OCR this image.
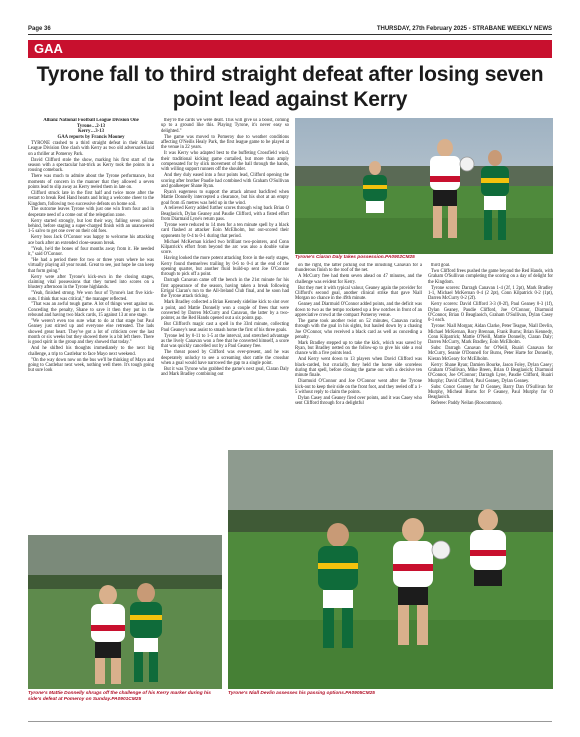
Page 36	THURSDAY, 27th February 2025 - STRABANE WEEKLY NEWS
GAA
Tyrone fall to third straight defeat after losing seven point lead against Kerry

Allianz National Football League Division One
Tyrone…2-13
Kerry…3-13
GAA reports by Francis Mooney

TYRONE crashed to a third straight defeat in their Allianz League Division One clash with Kerry as two old adversaries laid on a thriller at Pomeroy Park.

David Clifford stole the show, marking his first start of the season with a spectacular hat-trick as Kerry took the points in a rousing comeback.

There was much to admire about the Tyrone performance, but moments of concern in the manner that they allowed a seven points lead to slip away as Kerry reeled them in late on.

Clifford struck late in the first half and twice more after the restart to break Red Hand hearts and bring a welcome cheer to the Kingdom, following two successive defeats on home soil.

The outcome leaves Tyrone with just one win from four and in desperate need of a come out of the relegation zone.

Kerry started strongly, but lost their way, falling seven points behind, before staging a super-charged finish with an unanswered 1-5 salvo to get one over on their old foes.

Kerry boss Jack O'Connor was happy to welcome his attacking ace back after an extended close-season break.

"Yeah, he'd the bones of four months away from it. He needed it," said O'Connor.

"He had a period there for two or three years where he was virtually playing all year round. Great to see, just hope he can keep that form going."

Kerry were after Tyrone's kick-own in the closing stages, claiming vital possessions that they turned into scores on a blustery afternoon in the Tyrone highlands.

"Yeah, finished strong. We won four of Tyrone's last five kick-outs. I think that was critical," the manager reflected.

"That was an awful tough game. A lot of things went against us. Conceding the penalty, Shane to save it then they put in the rebound and having two black cards, 15 against 13 at one stage.

"We weren't even too sure what to do at that stage but Paul Geaney just stirred up and everyone else retreated. The lads showed great heart. They've got a lot of criticism over the last month or six weeks but they showed there is a bit left there. There is good spirit in the group and they showed that today."

And he shifted his thoughts immediately to the next big challenge, a trip to Castlebar to face Mayo next weekend.

"On the way down now on the bus we'll be thinking of Mayo and going to Castlebar next week, nothing well there. It's tough going but sure look

they're the cards we were dealt. This will give us a boost, coming up to a ground like this. Playing Tyrone, it's never easy so delighted."

The game was moved to Pomeroy due to weather conditions affecting O'Neills Healy Park, the first league game to be played at the venue in 22 years.

It was Kerry who adapted best to the buffeting Crossfield wind, their traditional kicking game curtailed, but more than amply compensated for by slick movement of the ball through the hands, with willing support runners off the shoulder.

And they duly eased into a four points lead, Clifford opening the scoring after brother Paudie had combined with Graham O'Sullivan and goalkeeper Shane Ryan.

Ryan's eagerness to support the attack almost backfired when Mattie Donnelly intercepted a clearance, but his shot at an empty goal from 45 metres was held up in the wind.

A relieved Kerry added further scores through wing back Brian O Beaglaoich, Dylan Geaney and Paudie Clifford, with a fisted effort from Diarmaid Lyne's return pass.

Tyrone were reduced to 14 men for a ten minute spell by a black card flashed at attacker Eoin McElholm, but out-scored their opponents by 0-4 to 0-1 during that period.

Michael McKernan kicked two brilliant two-pointers, and Conn Kilpatrick's effort from beyond the arc was also a double value score.

Having looked the more potent attacking force in the early stages, Kerry found themselves trailing by 0-6 to 0-4 at the end of the opening quarter, but another fluid build-up sent Joe O'Connor through to pick off a point.

Darragh Canavan came off the bench in the 21st minute for his first appearance of the season, having taken a break following Errigal Ciaran's run to the All-Ireland Club final, and he soon had the Tyrone attack ticking.

Mark Bradley collected a Brian Kennedy sideline kick to slot over a point, and Mattie Donnelly won a couple of frees that were converted by Darren McCurry and Canavan, the latter by a two-pointer, as the Red Hands opened out a six points gap.

But Clifford's magic cast a spell in the 33rd minute, collecting Paul Geaney's neat assist to smash home the first of his three goals.

Tyrone led by 0-11 to 1-5 at the interval, and stretched advantage as the lively Canavan won a free that he converted himself, a score that was quickly cancelled out by a Paul Geaney free.

The threat posed by Clifford was ever-present, and he was desperately unlucky to see a screaming shot rattle the crossbar when a goal would have narrowed the gap to a single point.

But it was Tyrone who grabbed the game's next goal, Ciaran Daly and Mark Bradley combining out

Tyrone's Ciaran Daly takes possession.PA0902CM25

on the right, the latter picking out the inrushing Canavan for a thunderous finish to the roof of the net.

A McCurry free had them seven ahead on 47 minutes, and the challenge was evident for Kerry.

But they met it with typical valour, Geaney again the provider for Clifford's second goal, another clinical strike that gave Niall Morgan no chance in the 49th minute.

Geaney and Diarmuid O'Connor added points, and the deficit was down to two as the tempo rocketed up a few notches in front of an appreciative crowd at the compact Pomeroy venue.

The game took another twist on 52 minutes, Canavan racing through with the goal in his sights, but hauled down by a chasing Joe O'Connor, who received a black card as well as conceding a penalty.

Mark Bradley stepped up to take the kick, which was saved by Ryan, but Bradley netted on the follow-up to give his side a real chance with a five points lead.

And Kerry went down to 13 players when David Clifford was black-carded, but crucially, they held the home side scoreless during that spell, before closing the game out with a decisive ten minute finale.

Diarmuid O'Connor and Joe O'Connor went after the Tyrone kick-out to keep their side on the front foot, and they reeled off a 1-5 without reply to claim the points.

Dylan Casey and Geaney fired over points, and it was Casey who sent Clifford through for a delightful

third goal.

Two Clifford frees pushed the game beyond the Red Hands, with Graham O'Sullivan completing the scoring on a day of delight for the Kingdom.

Tyrone scorers: Darragh Canavan 1-4 (2f, 1 2pt), Mark Bradley 1-1, Michael McKernan 0-4 (2 2pt), Conn Kilpatrick 0-2 (1pt), Darren McCurry 0-2 (2f).

Kerry scorers: David Clifford 3-3 (0-2f), Paul Geaney 0-3 (1f), Dylan Geaney, Paudie Clifford, Joe O'Connor, Diarmuid O'Connor, Brian O Beaglaoich, Graham O'Sullivan, Dylan Casey 0-1 each.

Tyrone: Niall Morgan; Aidan Clarke, Peter Teague, Niall Devlin, Michael McKernan, Rory Brennan, Frank Burns; Brian Kennedy, Conn Kilpatrick; Mattie O'Neill, Mattie Donnelly, Ciaran Daly; Darren McCurry, Mark Bradley, Eoin McElholm.

Subs: Darragh Canavan for O'Neill, Ruairi Canavan for McCurry, Seanie O'Donnell for Burns, Peter Harte for Donnelly, Kieran McGeary for McElholm.

Kerry: Shane Ryan; Damien Bourke, Jason Foley, Dylan Casey; Graham O'Sullivan, Mike Breen, Brian O Beaglaoich; Diarmuid O'Connor, Joe O'Connor; Darragh Lyne, Paudie Clifford, Ruairi Murphy; David Clifford, Paul Geaney, Dylan Geaney.

Subs: Conor Geaney for D Geaney, Barry Dan O'Sullivan for Murphy, Micheal Burns for P Geaney, Paul Murphy for O Beaglaoich.

Referee: Paddy Neilan (Roscommon).

Tyrone's Mattie Donnelly shrugs off the challenge of his Kerry marker during his side's defeat at Pomeroy on Sunday.PA0901CM25
Tyrone's Niall Devlin assesses his passing options.PA0905CM25
